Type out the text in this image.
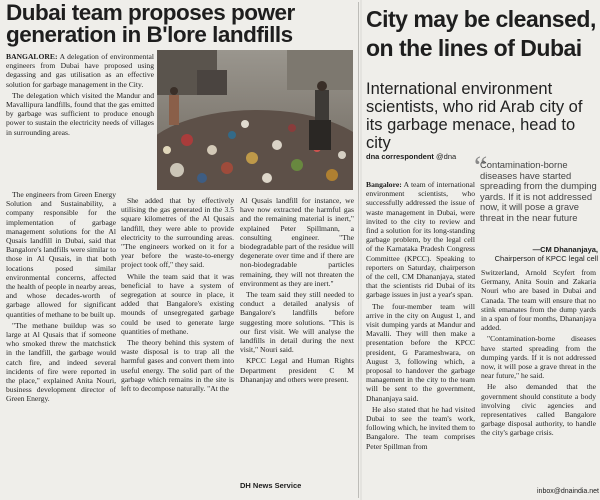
Dubai team proposes power
generation in B'lore landfills

BANGALORE: A delegation of environmental engineers from Dubai have proposed using degassing and gas utilisation as an effective solution for garbage management in the City.

The delegation which visited the Mandur and Mavallipura landfills, found that the gas emitted by garbage was sufficient to produce enough power to sustain the electricity needs of villages in surrounding areas.

The engineers from Green Energy Solution and Sustainability, a company responsible for the implementation of garbage management solutions for the Al Qusais landfill in Dubai, said that Bangalore's landfills were similar to those in Al Qusais, in that both locations posed similar environmental concerns, affected the health of people in nearby areas, and whose decades-worth of garbage allowed for significant quantities of methane to be built up.

"The methane buildup was so large at Al Qusais that if someone who smoked threw the matchstick in the landfill, the garbage would catch fire, and indeed several incidents of fire were reported in the place," explained Anita Nouri, business development director of Green Energy.

She added that by effectively utilising the gas generated in the 3.5 square kilometres of the Al Qusais landfill, they were able to provide electricity to the surrounding areas. "The engineers worked on it for a year before the waste-to-energy project took off," they said.

While the team said that it was beneficial to have a system of segregation at source in place, it added that Bangalore's existing mounds of unsegregated garbage could be used to generate large quantities of methane.

The theory behind this system of waste disposal is to trap all the harmful gases and convert them into useful energy. The solid part of the garbage which remains in the site is left to decompose naturally. "At the

Al Qusais landfill for instance, we have now extracted the harmful gas and the remaining material is inert," explained Peter Spillmann, a consulting engineer. "The biodegradable part of the residue will degenerate over time and if there are non-biodegradable particles remaining, they will not threaten the environment as they are inert."

The team said they still needed to conduct a detailed analysis of Bangalore's landfills before suggesting more solutions. "This is our first visit. We will analyse the landfills in detail during the next visit," Nouri said.

KPCC Legal and Human Rights Department president C M Dhananjay and others were present.

DH News Service
City may be cleansed,
on the lines of Dubai

International environment scientists, who rid Arab city of its garbage menace, head to city

dna correspondent @dna “
Contamination-borne diseases have started spreading from the dumping yards. If it is not addressed now, it will pose a grave threat in the near future
—CM Dhananjaya,
Chairperson of KPCC legal cell

Bangalore: A team of international environment scientists, who successfully addressed the issue of waste management in Dubai, were invited to the city to review and find a solution for its long-standing garbage problem, by the legal cell of the Karnataka Pradesh Congress Committee (KPCC). Speaking to reporters on Saturday, chairperson of the cell, CM Dhananjaya, stated that the scientists rid Dubai of its garbage issues in just a year's span.

The four-member team will arrive in the city on August 1, and visit dumping yards at Mandur and Mavalli. They will then make a presentation before the KPCC president, G Parameshwara, on August 3, following which, a proposal to handover the garbage management in the city to the team will be sent to the government, Dhananjaya said.

He also stated that he had visited Dubai to see the team's work, following which, he invited them to Bangalore. The team comprises Peter Spillman from

Switzerland, Arnold Scyfert from Germany, Anita Souin and Zakaria Nouri who are based in Dubai and Canada. The team will ensure that no stink emanates from the dump yards in a span of four months, Dhananjaya added.

"Contamination-borne diseases have started spreading from the dumping yards. If it is not addressed now, it will pose a grave threat in the near future," he said.

He also demanded that the government should constitute a body involving civic agencies and representatives called Bangalore garbage disposal authority, to handle the city's garbage crisis.

inbox@dnaindia.net
